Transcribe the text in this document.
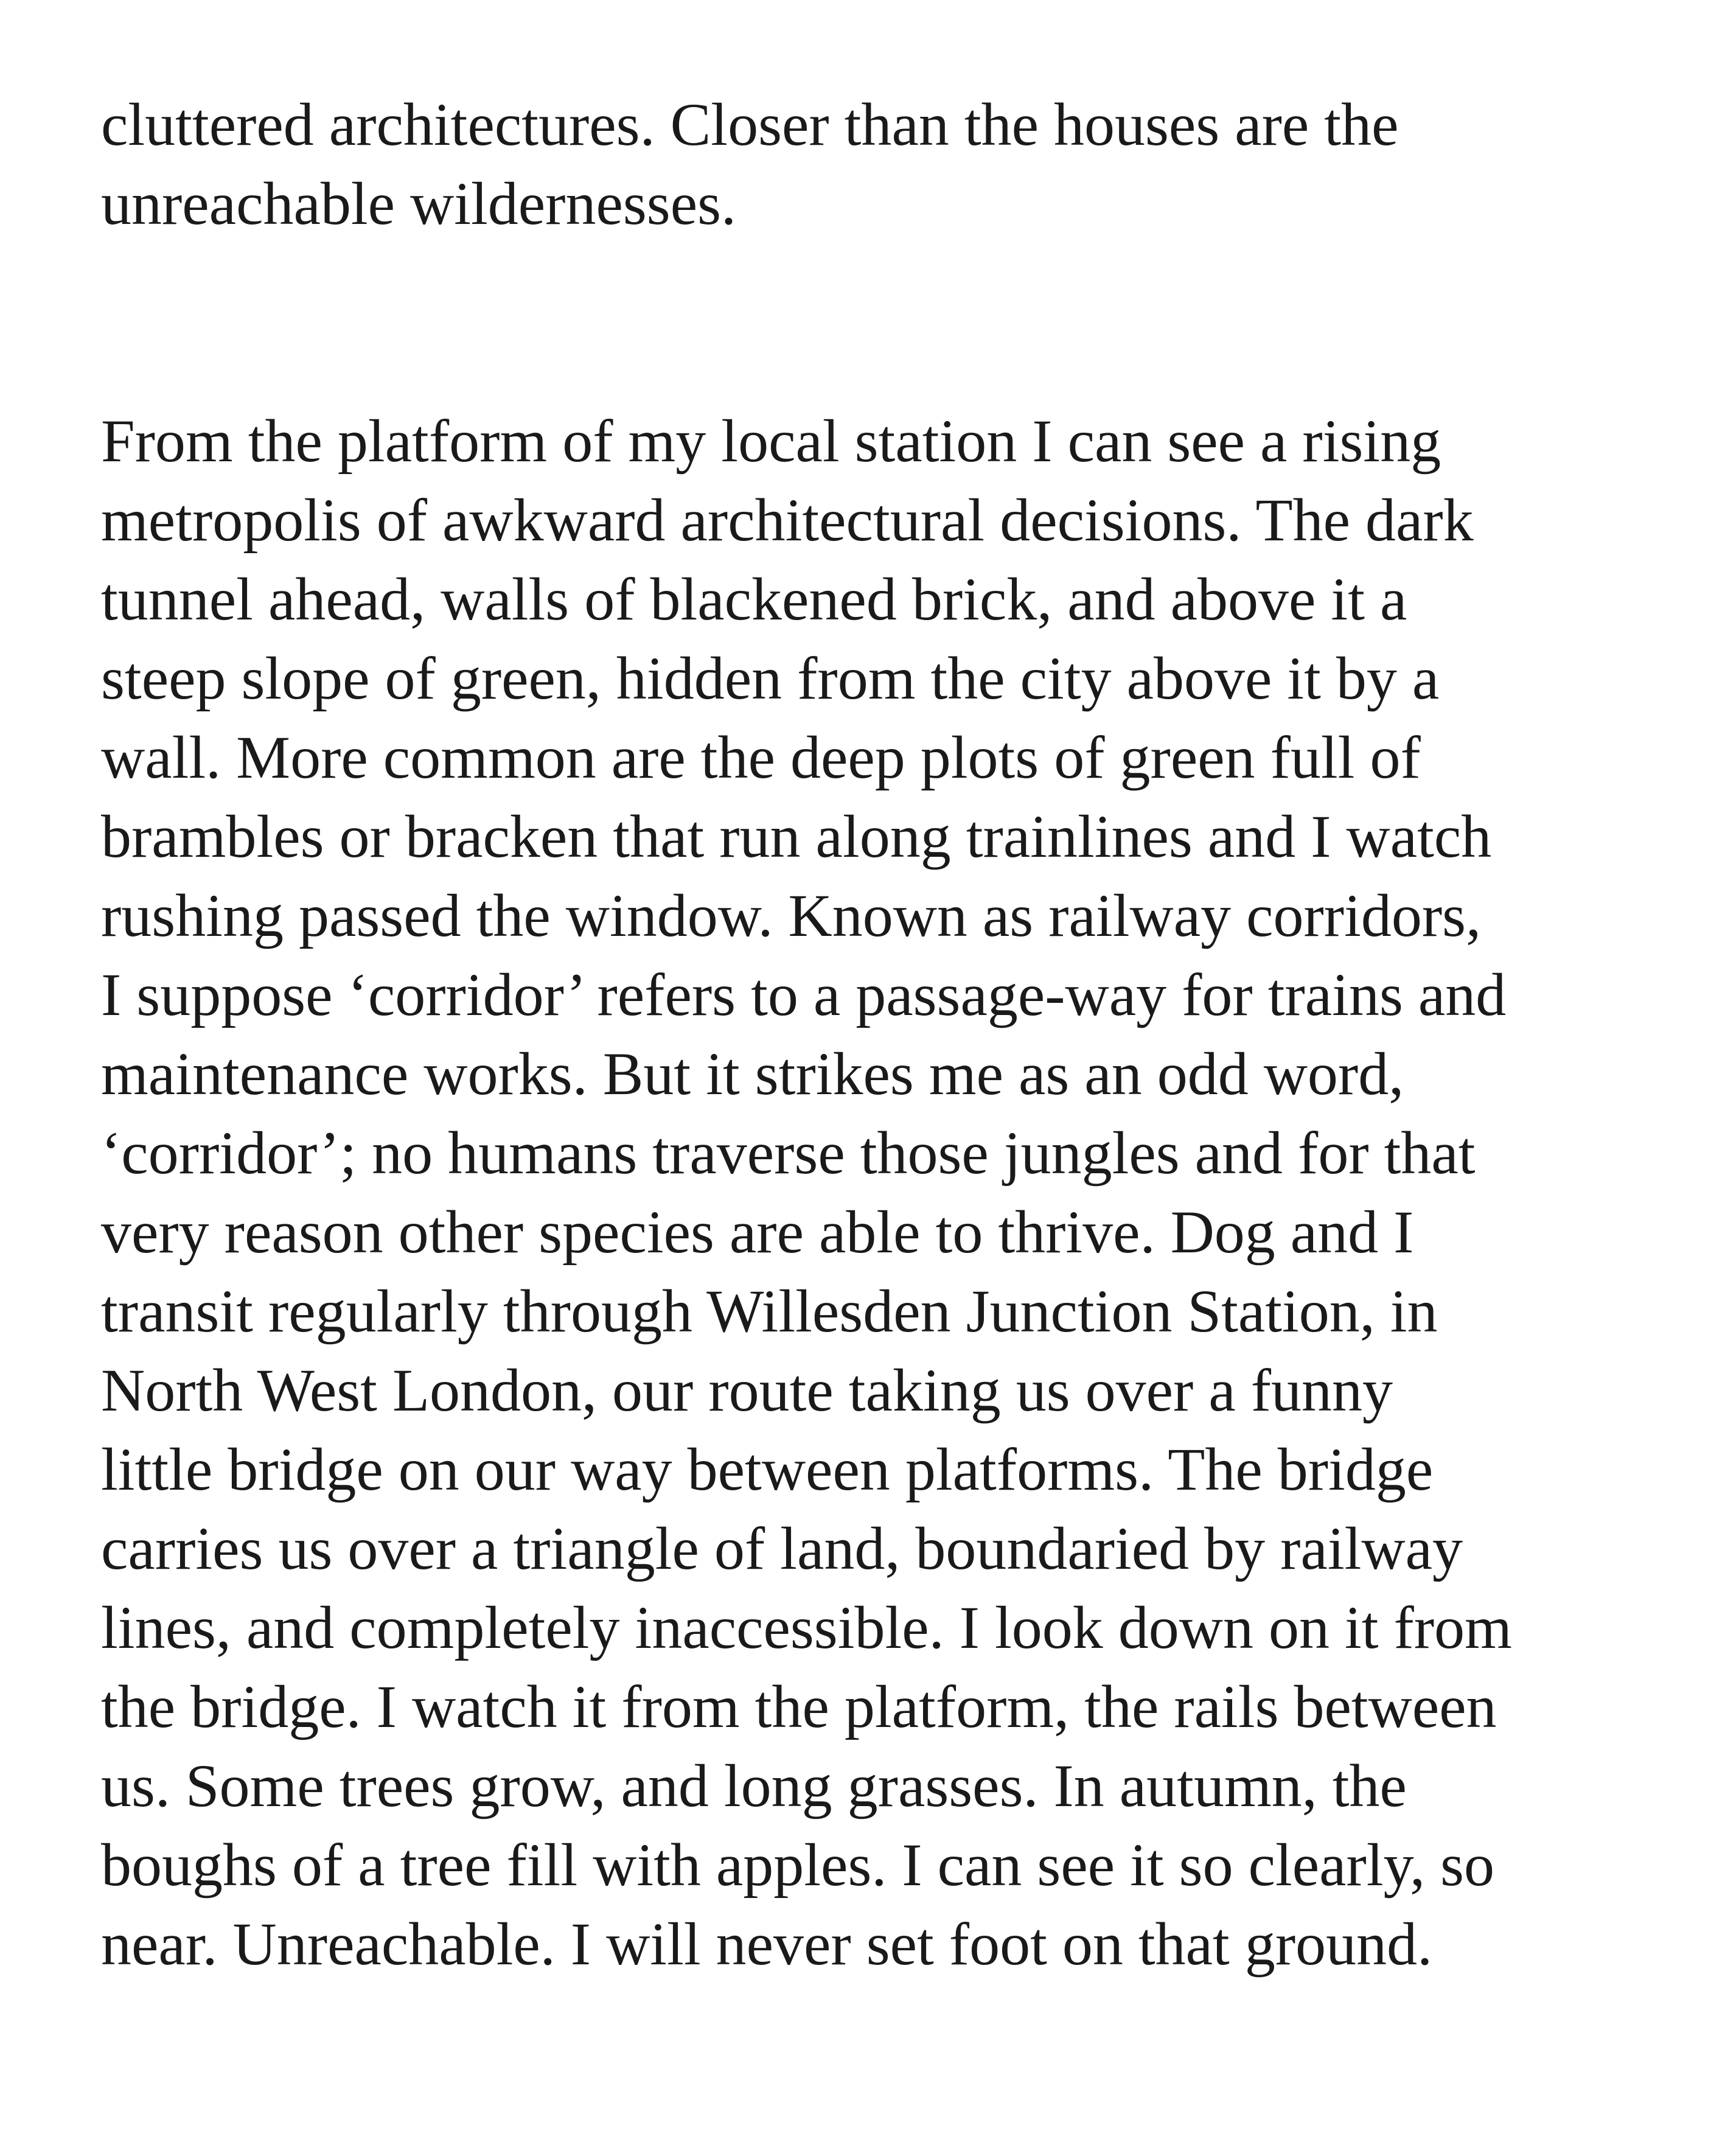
cluttered architectures. Closer than the houses are the
unreachable wildernesses.

From the platform of my local station I can see a rising
metropolis of awkward architectural decisions. The dark
tunnel ahead, walls of blackened brick, and above it a
steep slope of green, hidden from the city above it by a
wall. More common are the deep plots of green full of
brambles or bracken that run along trainlines and I watch
rushing passed the window. Known as railway corridors,
I suppose ‘corridor’ refers to a passage-way for trains and
maintenance works. But it strikes me as an odd word,
‘corridor’; no humans traverse those jungles and for that
very reason other species are able to thrive. Dog and I
transit regularly through Willesden Junction Station, in
North West London, our route taking us over a funny
little bridge on our way between platforms. The bridge
carries us over a triangle of land, boundaried by railway
lines, and completely inaccessible. I look down on it from
the bridge. I watch it from the platform, the rails between
us. Some trees grow, and long grasses. In autumn, the
boughs of a tree fill with apples. I can see it so clearly, so
near. Unreachable. I will never set foot on that ground.
